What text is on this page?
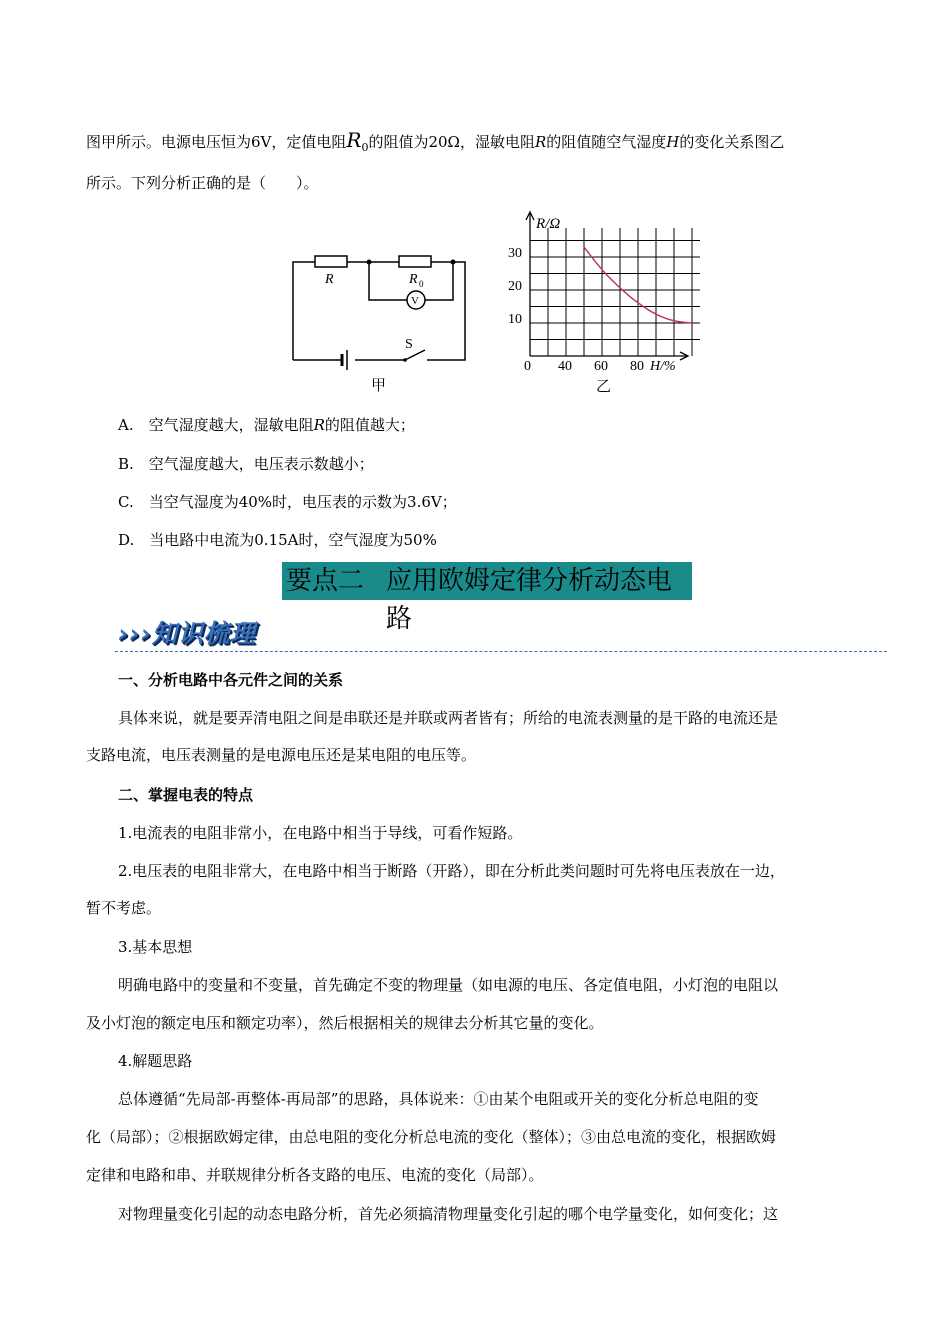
图甲所示。电源电压恒为6V，定值电阻$R_0$的阻值为20Ω，湿敏电阻R的阻值随空气湿度H的变化关系图乙
所示。下列分析正确的是（　　）。
R	R 0
V
S
甲
R/Ω
H/%
0 40 60 80
30
20
10
乙
A.　空气湿度越大，湿敏电阻R的阻值越大；
B.　空气湿度越大，电压表示数越小；
C.　当空气湿度为40%时，电压表的示数为3.6V；
D.　当电路中电流为0.15A时，空气湿度为50%
要点二 应用欧姆定律分析动态电路
›››知识梳理
一、分析电路中各元件之间的关系
具体来说，就是要弄清电阻之间是串联还是并联或两者皆有；所给的电流表测量的是干路的电流还是
支路电流，电压表测量的是电源电压还是某电阻的电压等。
二、掌握电表的特点
1.电流表的电阻非常小，在电路中相当于导线，可看作短路。
2.电压表的电阻非常大，在电路中相当于断路（开路），即在分析此类问题时可先将电压表放在一边，
暂不考虑。
3.基本思想
明确电路中的变量和不变量，首先确定不变的物理量（如电源的电压、各定值电阻，小灯泡的电阻以
及小灯泡的额定电压和额定功率），然后根据相关的规律去分析其它量的变化。
4.解题思路
总体遵循“先局部-再整体-再局部”的思路，具体说来：①由某个电阻或开关的变化分析总电阻的变
化（局部）；②根据欧姆定律，由总电阻的变化分析总电流的变化（整体）；③由总电流的变化，根据欧姆
定律和电路和串、并联规律分析各支路的电压、电流的变化（局部）。
对物理量变化引起的动态电路分析，首先必须搞清物理量变化引起的哪个电学量变化，如何变化；这
